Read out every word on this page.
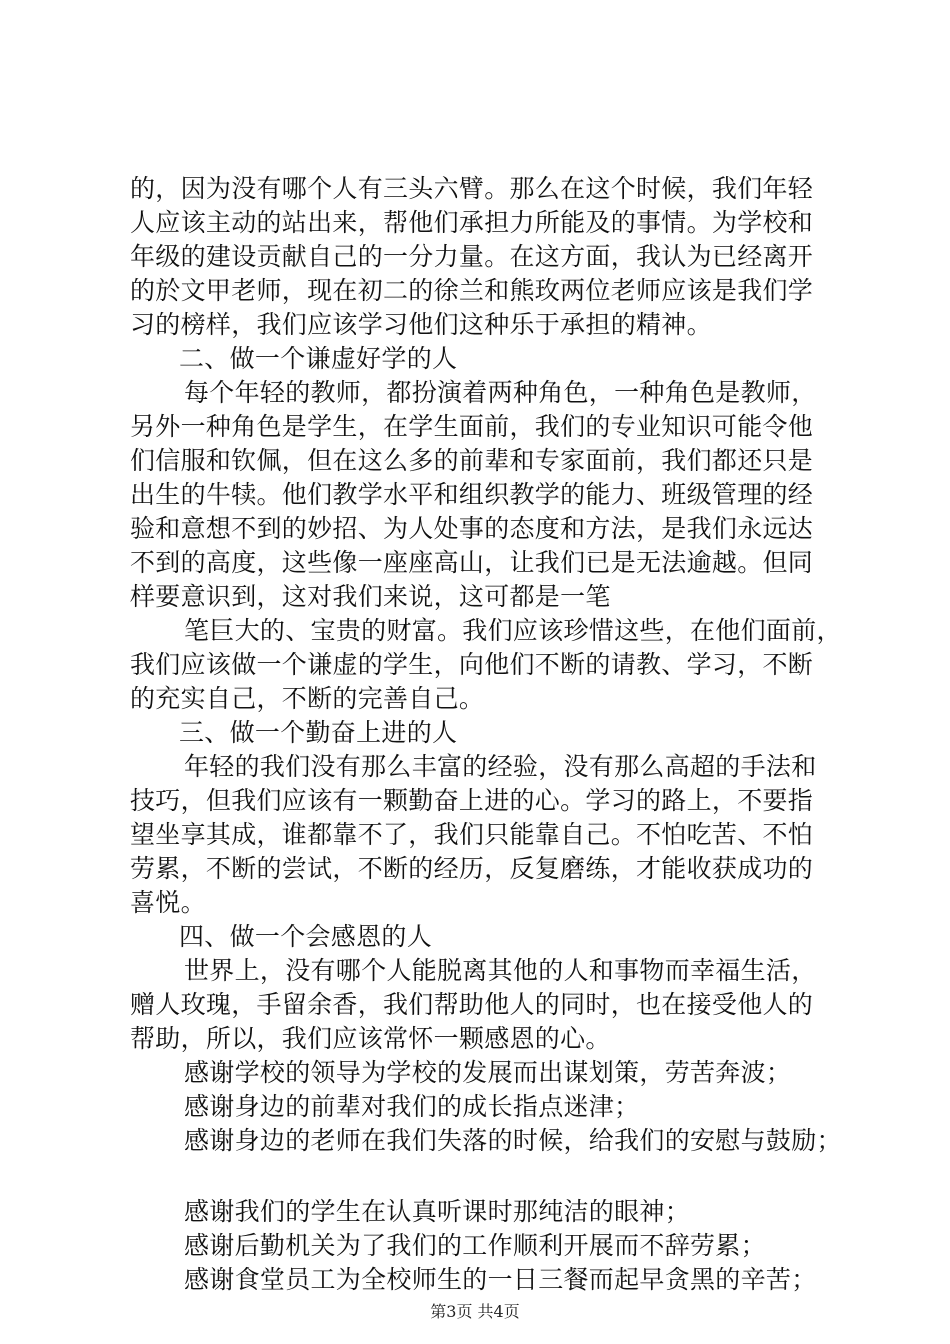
的，因为没有哪个人有三头六臂。那么在这个时候，我们年轻
人应该主动的站出来，帮他们承担力所能及的事情。为学校和
年级的建设贡献自己的一分力量。在这方面，我认为已经离开
的於文甲老师，现在初二的徐兰和熊玫两位老师应该是我们学
习的榜样，我们应该学习他们这种乐于承担的精神。
二、做一个谦虚好学的人
每个年轻的教师，都扮演着两种角色，一种角色是教师，
另外一种角色是学生，在学生面前，我们的专业知识可能令他
们信服和钦佩，但在这么多的前辈和专家面前，我们都还只是
出生的牛犊。他们教学水平和组织教学的能力、班级管理的经
验和意想不到的妙招、为人处事的态度和方法，是我们永远达
不到的高度，这些像一座座高山，让我们已是无法逾越。但同
样要意识到，这对我们来说，这可都是一笔
笔巨大的、宝贵的财富。我们应该珍惜这些，在他们面前，
我们应该做一个谦虚的学生，向他们不断的请教、学习，不断
的充实自己，不断的完善自己。
三、做一个勤奋上进的人
年轻的我们没有那么丰富的经验，没有那么高超的手法和
技巧，但我们应该有一颗勤奋上进的心。学习的路上，不要指
望坐享其成，谁都靠不了，我们只能靠自己。不怕吃苦、不怕
劳累，不断的尝试，不断的经历，反复磨练，才能收获成功的
喜悦。
四、做一个会感恩的人
世界上，没有哪个人能脱离其他的人和事物而幸福生活，
赠人玫瑰，手留余香，我们帮助他人的同时，也在接受他人的
帮助，所以，我们应该常怀一颗感恩的心。
感谢学校的领导为学校的发展而出谋划策，劳苦奔波；
感谢身边的前辈对我们的成长指点迷津；
感谢身边的老师在我们失落的时候，给我们的安慰与鼓励；
感谢我们的学生在认真听课时那纯洁的眼神；
感谢后勤机关为了我们的工作顺利开展而不辞劳累；
感谢食堂员工为全校师生的一日三餐而起早贪黑的辛苦；
第3页 共4页
